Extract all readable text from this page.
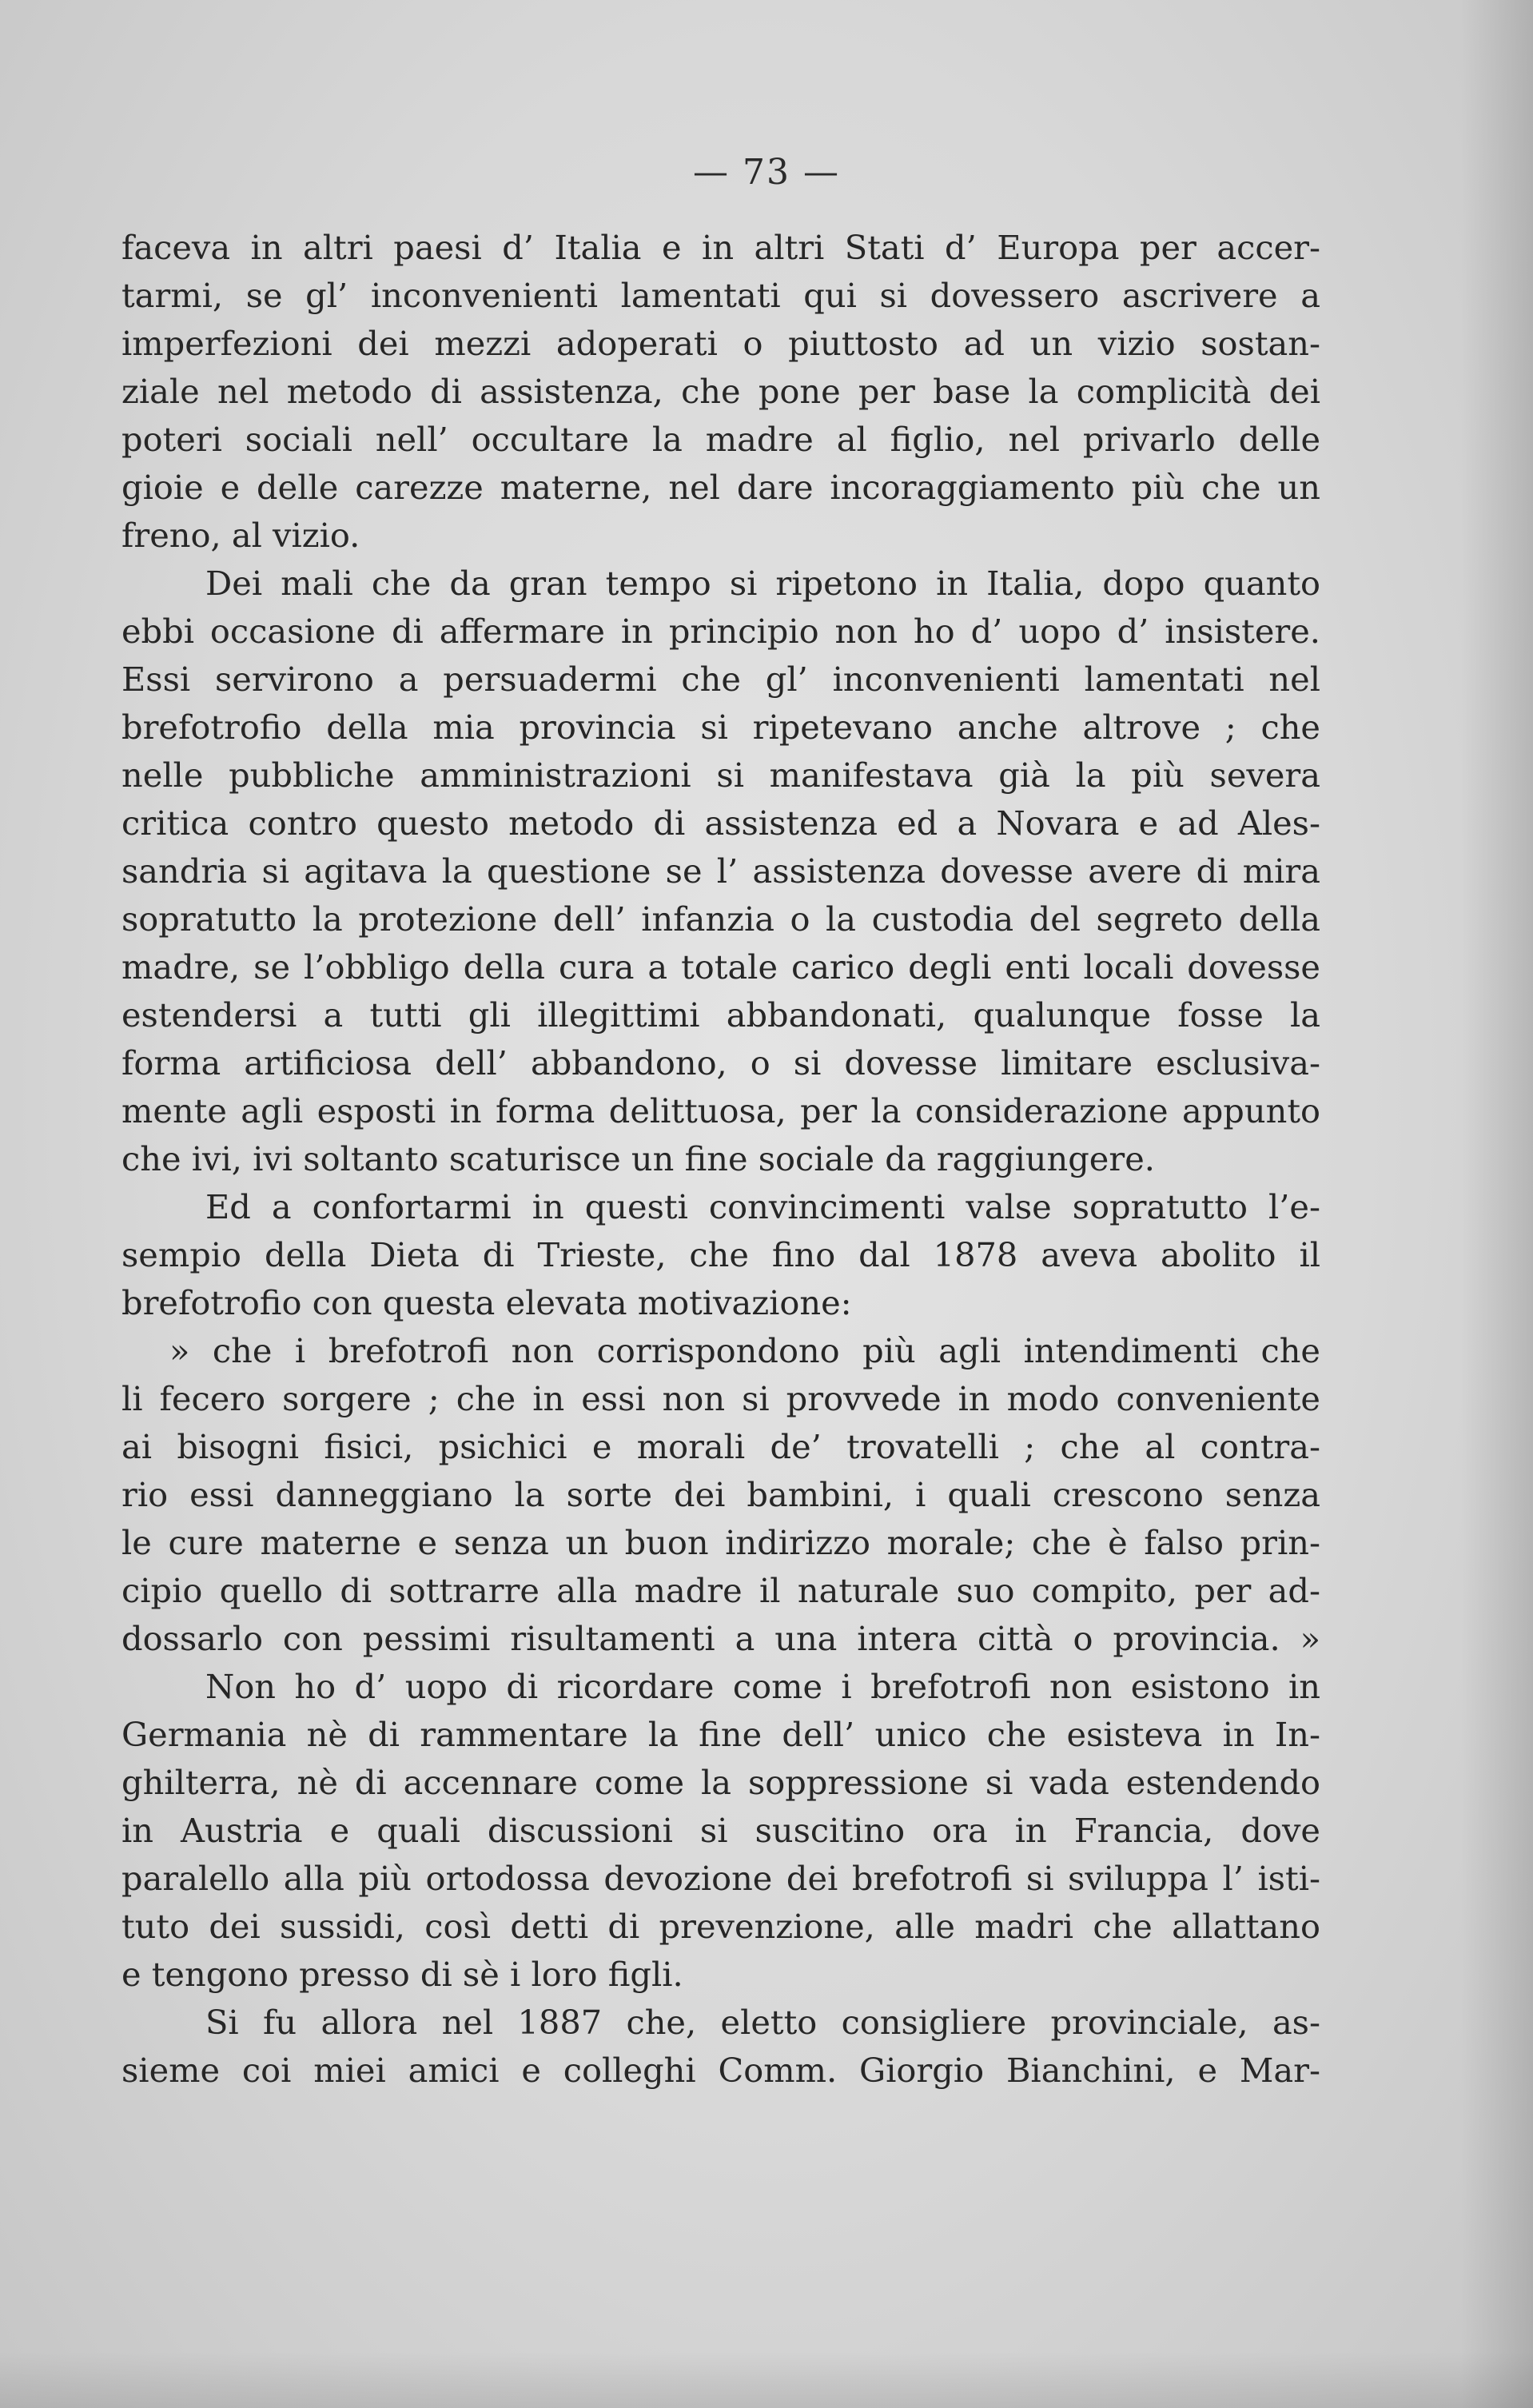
— 73 —
faceva in altri paesi d’ Italia e in altri Stati d’ Europa per accer-
tarmi, se gl’ inconvenienti lamentati qui si dovessero ascrivere a
imperfezioni dei mezzi adoperati o piuttosto ad un vizio sostan-
ziale nel metodo di assistenza, che pone per base la complicità dei
poteri sociali nell’ occultare la madre al figlio, nel privarlo delle
gioie e delle carezze materne, nel dare incoraggiamento più che un
freno, al vizio.
Dei mali che da gran tempo si ripetono in Italia, dopo quanto
ebbi occasione di affermare in principio non ho d’ uopo d’ insistere.
Essi servirono a persuadermi che gl’ inconvenienti lamentati nel
brefotrofio della mia provincia si ripetevano anche altrove ; che
nelle pubbliche amministrazioni si manifestava già la più severa
critica contro questo metodo di assistenza ed a Novara e ad Ales-
sandria si agitava la questione se l’ assistenza dovesse avere di mira
sopratutto la protezione dell’ infanzia o la custodia del segreto della
madre, se l’obbligo della cura a totale carico degli enti locali dovesse
estendersi a tutti gli illegittimi abbandonati, qualunque fosse la
forma artificiosa dell’ abbandono, o si dovesse limitare esclusiva-
mente agli esposti in forma delittuosa, per la considerazione appunto
che ivi, ivi soltanto scaturisce un fine sociale da raggiungere.
Ed a confortarmi in questi convincimenti valse sopratutto l’e-
sempio della Dieta di Trieste, che fino dal 1878 aveva abolito il
brefotrofio con questa elevata motivazione:
» che i brefotrofi non corrispondono più agli intendimenti che
li fecero sorgere ; che in essi non si provvede in modo conveniente
ai bisogni fisici, psichici e morali de’ trovatelli ; che al contra-
rio essi danneggiano la sorte dei bambini, i quali crescono senza
le cure materne e senza un buon indirizzo morale; che è falso prin-
cipio quello di sottrarre alla madre il naturale suo compito, per ad-
dossarlo con pessimi risultamenti a una intera città o provincia. »
Non ho d’ uopo di ricordare come i brefotrofi non esistono in
Germania nè di rammentare la fine dell’ unico che esisteva in In-
ghilterra, nè di accennare come la soppressione si vada estendendo
in Austria e quali discussioni si suscitino ora in Francia, dove
paralello alla più ortodossa devozione dei brefotrofi si sviluppa l’ isti-
tuto dei sussidi, così detti di prevenzione, alle madri che allattano
e tengono presso di sè i loro figli.
Si fu allora nel 1887 che, eletto consigliere provinciale, as-
sieme coi miei amici e colleghi Comm. Giorgio Bianchini, e Mar-
